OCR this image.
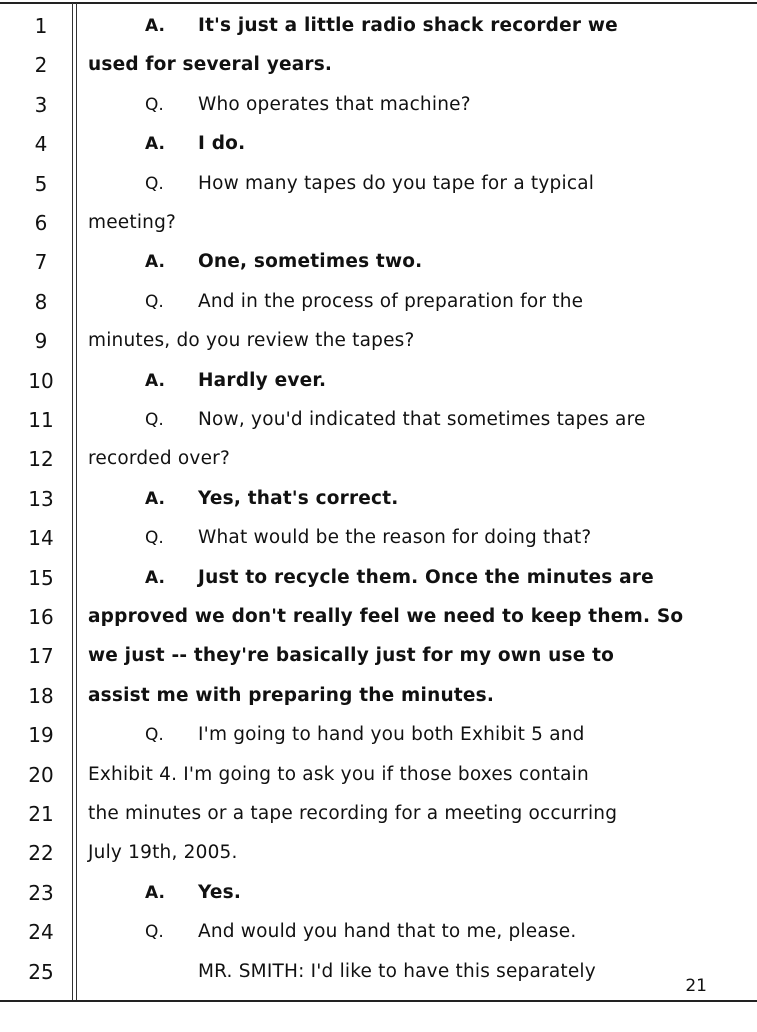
1	A. It's just a little radio shack recorder we
2	used for several years.
3	Q. Who operates that machine?
4	A. I do.
5	Q. How many tapes do you tape for a typical
6	meeting?
7	A. One, sometimes two.
8	Q. And in the process of preparation for the
9	minutes, do you review the tapes?
10	A. Hardly ever.
11	Q. Now, you'd indicated that sometimes tapes are
12	recorded over?
13	A. Yes, that's correct.
14	Q. What would be the reason for doing that?
15	A. Just to recycle them. Once the minutes are
16	approved we don't really feel we need to keep them. So
17	we just -- they're basically just for my own use to
18	assist me with preparing the minutes.
19	Q. I'm going to hand you both Exhibit 5 and
20	Exhibit 4. I'm going to ask you if those boxes contain
21	the minutes or a tape recording for a meeting occurring
22	July 19th, 2005.
23	A. Yes.
24	Q. And would you hand that to me, please.
25	MR. SMITH: I'd like to have this separately
21
